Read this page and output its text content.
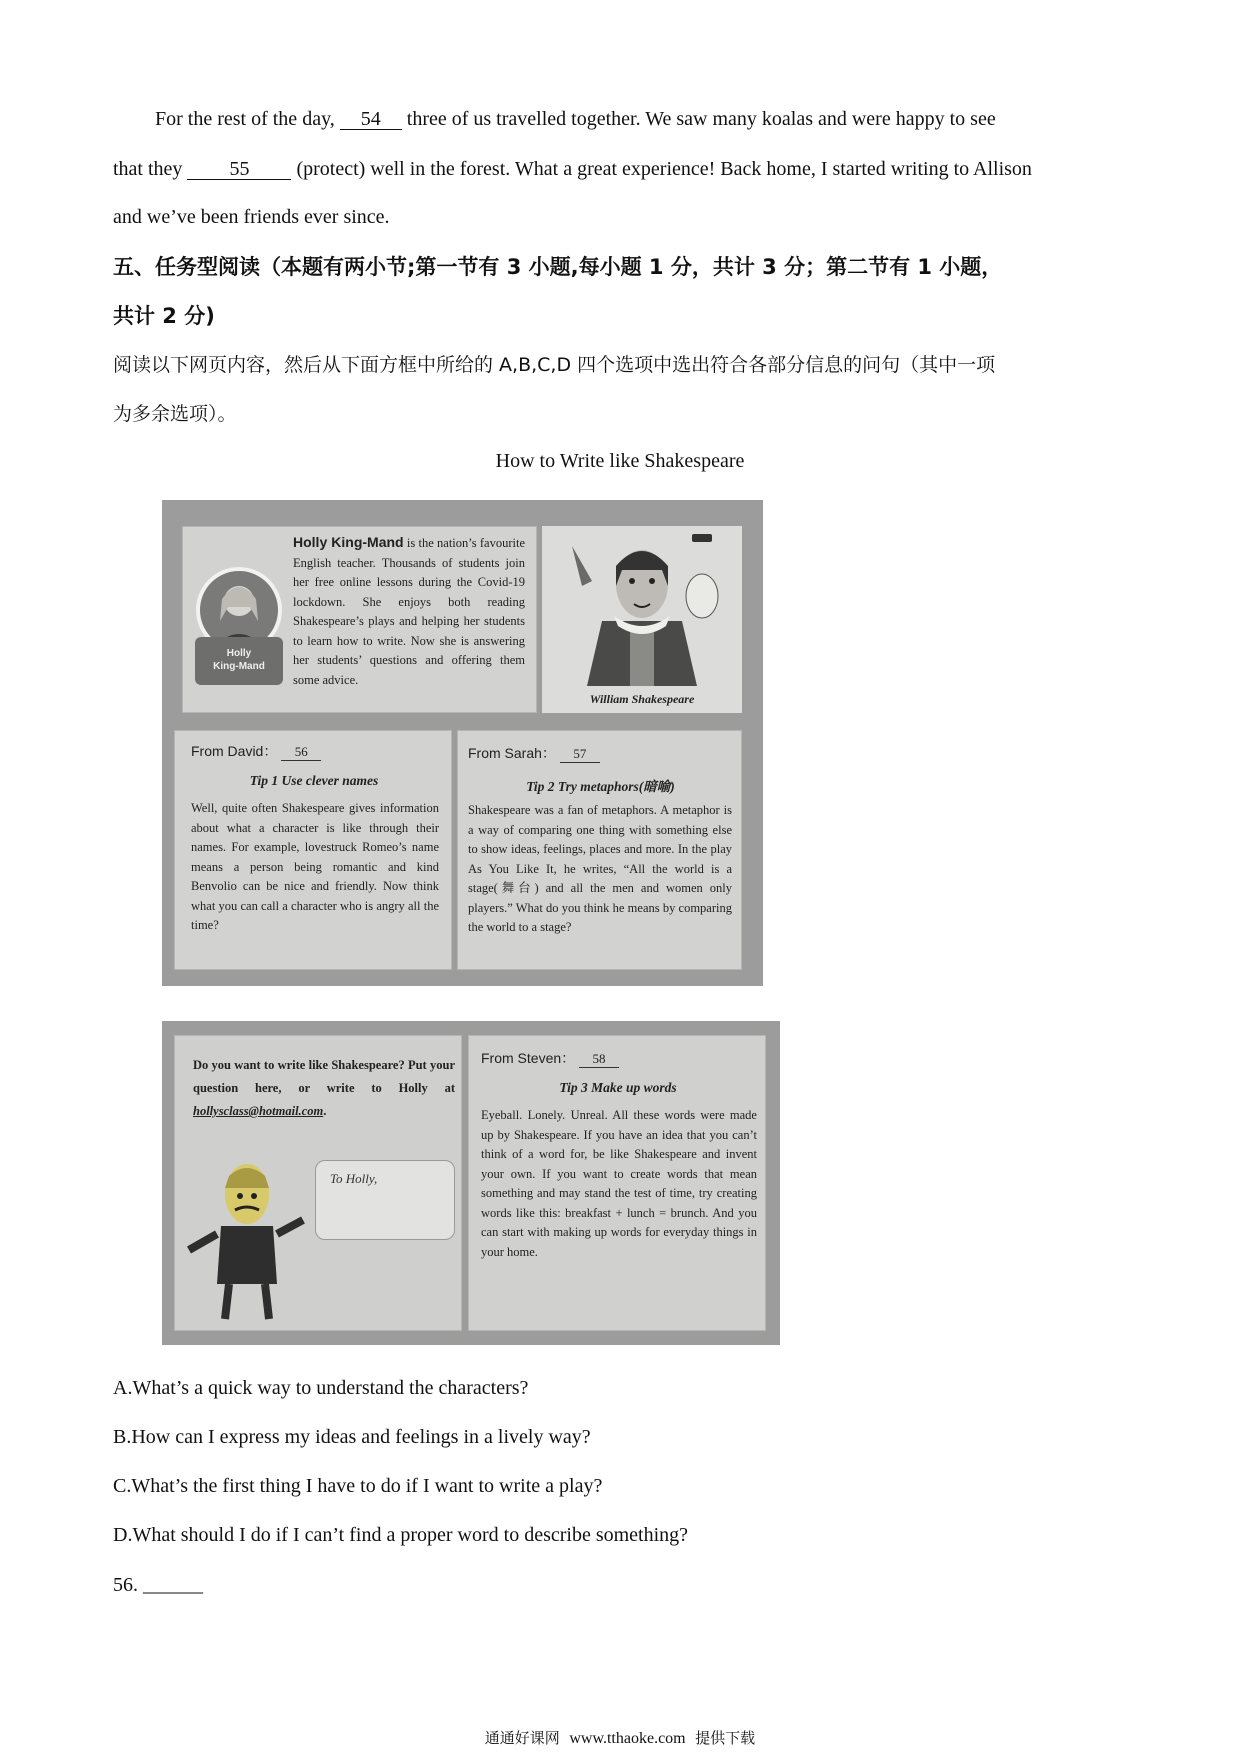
For the rest of the day, 54 three of us travelled together. We saw many koalas and were happy to see
that they 55 (protect) well in the forest. What a great experience! Back home, I started writing to Allison
and we’ve been friends ever since.
五、任务型阅读（本题有两小节;第一节有 3 小题,每小题 1 分，共计 3 分；第二节有 1 小题，
共计 2 分)
阅读以下网页内容，然后从下面方框中所给的 A,B,C,D 四个选项中选出符合各部分信息的问句（其中一项
为多余选项）。
How to Write like Shakespeare
Holly
King-Mand
Holly King-Mand is the nation’s favourite English teacher. Thousands of students join her free online lessons during the Covid-19 lockdown. She enjoys both reading Shakespeare’s plays and helping her students to learn how to write. Now she is answering her students’ questions and offering them some advice.
William Shakespeare
From David： 56
Tip 1 Use clever names
Well, quite often Shakespeare gives information about what a character is like through their names. For example, lovestruck Romeo’s name means a person being romantic and kind Benvolio can be nice and friendly. Now think what you can call a character who is angry all the time?
From Sarah： 57
Tip 2 Try metaphors(暗喻)
Shakespeare was a fan of metaphors. A metaphor is a way of comparing one thing with something else to show ideas, feelings, places and more. In the play As You Like It, he writes, “All the world is a stage(舞台) and all the men and women only players.” What do you think he means by comparing the world to a stage?
Do you want to write like Shakespeare? Put your question here, or write to Holly at hollysclass@hotmail.com.
To Holly,
From Steven： 58
Tip 3 Make up words
Eyeball. Lonely. Unreal. All these words were made up by Shakespeare. If you have an idea that you can’t think of a word for, be like Shakespeare and invent your own. If you want to create words that mean something and may stand the test of time, try creating words like this: breakfast + lunch = brunch. And you can start with making up words for everyday things in your home.
A.What’s a quick way to understand the characters?
B.How can I express my ideas and feelings in a lively way?
C.What’s the first thing I have to do if I want to write a play?
D.What should I do if I can’t find a proper word to describe something?
56. ______
通通好课网 www.tthaoke.com 提供下载
